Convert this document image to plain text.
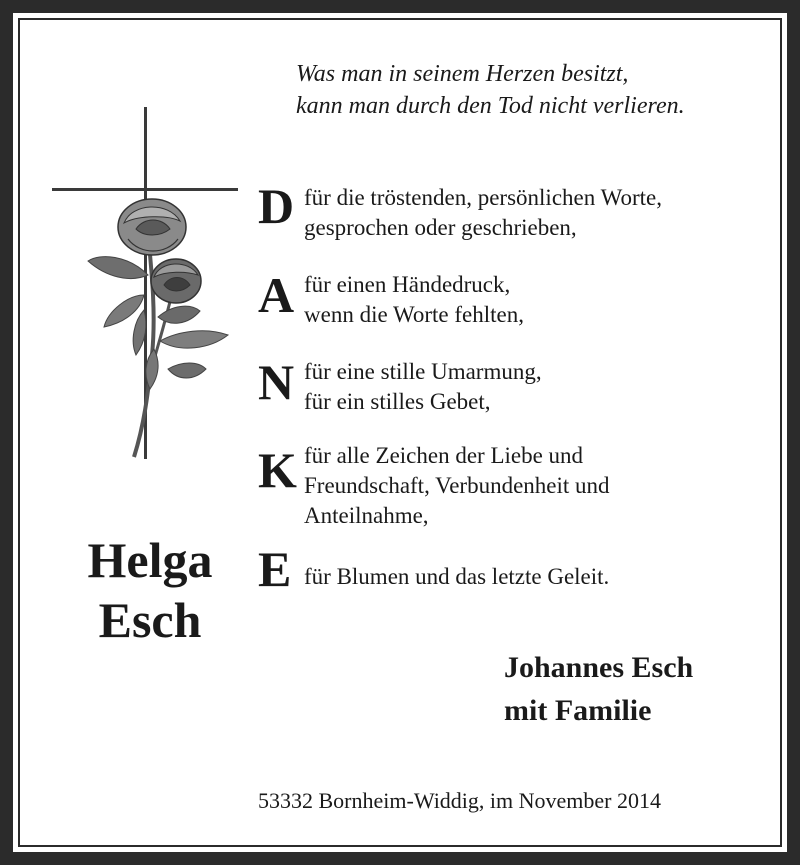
Was man in seinem Herzen besitzt,
kann man durch den Tod nicht verlieren.
D für die tröstenden, persönlichen Worte,
gesprochen oder geschrieben,
A für einen Händedruck,
wenn die Worte fehlten,
N für eine stille Umarmung,
für ein stilles Gebet,
K für alle Zeichen der Liebe und
Freundschaft, Verbundenheit und
Anteilnahme,
E für Blumen und das letzte Geleit.
Helga
Esch
Johannes Esch
mit Familie
53332 Bornheim-Widdig, im November 2014
